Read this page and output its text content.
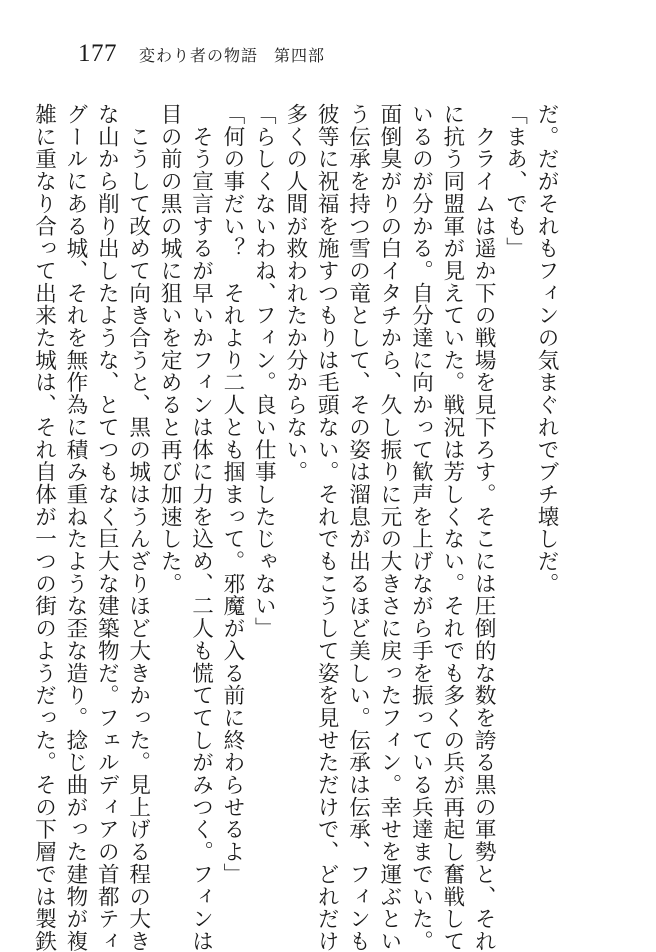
177 変わり者の物語 第四部

だ。だがそれもフィンの気まぐれでブチ壊しだ。

「まあ、でも」

　クライムは遥か下の戦場を見下ろす。そこには圧倒的な数を誇る黒の軍勢と、それ

に抗う同盟軍が見えていた。戦況は芳しくない。それでも多くの兵が再起し奮戦して

いるのが分かる。自分達に向かって歓声を上げながら手を振っている兵達までいた。

面倒臭がりの白イタチから、久し振りに元の大きさに戻ったフィン。幸せを運ぶとい

う伝承を持つ雪の竜として、その姿は溜息が出るほど美しい。伝承は伝承、フィンも

彼等に祝福を施すつもりは毛頭ない。それでもこうして姿を見せただけで、どれだけ

多くの人間が救われたか分からない。

「らしくないわね、フィン。良い仕事したじゃない」

「何の事だい？　それより二人とも掴まって。邪魔が入る前に終わらせるよ」

　そう宣言するが早いかフィンは体に力を込め、二人も慌ててしがみつく。フィンは

目の前の黒の城に狙いを定めると再び加速した。

　こうして改めて向き合うと、黒の城はうんざりほど大きかった。見上げる程の大き

な山から削り出したような、とてつもなく巨大な建築物だ。フェルディアの首都ティ

グールにある城、それを無作為に積み重ねたような歪な造り。捻じ曲がった建物が複

雑に重なり合って出来た城は、それ自体が一つの街のようだった。その下層では製鉄
